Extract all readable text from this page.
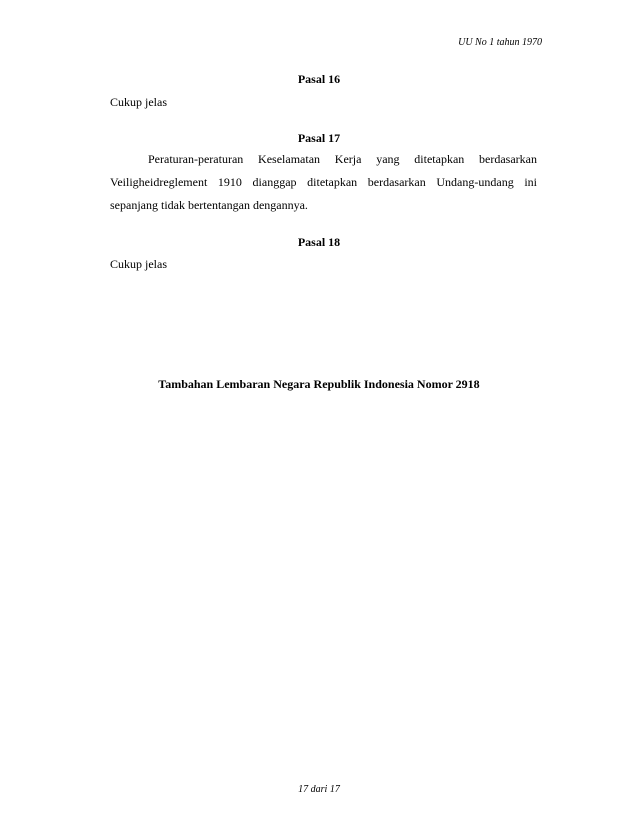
UU No 1 tahun 1970
Pasal 16
Cukup jelas
Pasal 17
Peraturan-peraturan Keselamatan Kerja yang ditetapkan berdasarkan Veiligheidreglement 1910 dianggap ditetapkan berdasarkan Undang-undang ini sepanjang tidak bertentangan dengannya.
Pasal 18
Cukup jelas
Tambahan Lembaran Negara Republik Indonesia Nomor 2918
17 dari 17
